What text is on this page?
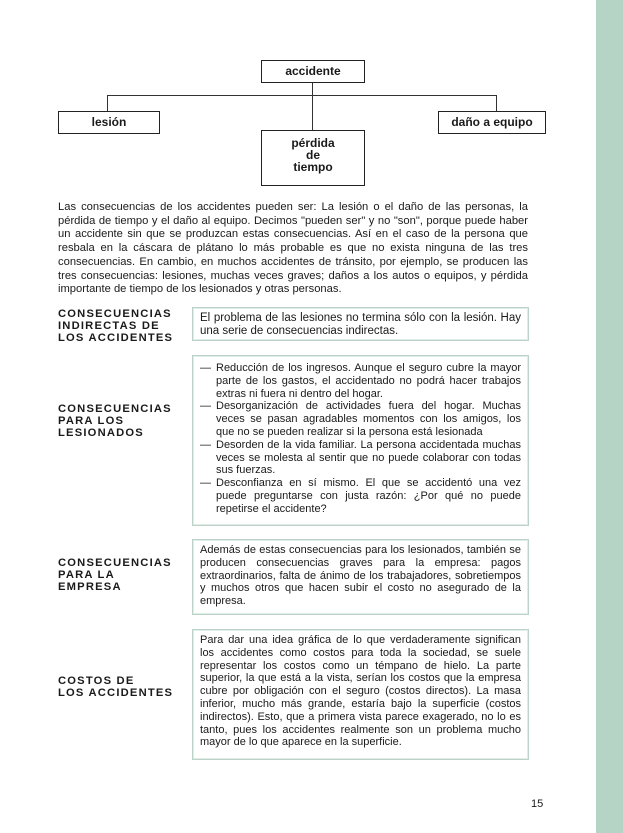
accidente
lesión	daño a equipo
pérdida
de
tiempo

Las consecuencias de los accidentes pueden ser: La lesión o el daño de las personas, la pérdida de tiempo y el daño al equipo. Decimos "pueden ser" y no "son", porque puede haber un accidente sin que se produzcan estas consecuencias. Así en el caso de la persona que resbala en la cáscara de plátano lo más probable es que no exista ninguna de las tres consecuencias. En cambio, en muchos accidentes de tránsito, por ejemplo, se producen las tres consecuencias: lesiones, muchas veces graves; daños a los autos o equipos, y pérdida importante de tiempo de los lesionados y otras personas.

CONSECUENCIAS
INDIRECTAS DE
LOS ACCIDENTES

El problema de las lesiones no termina sólo con la lesión. Hay una serie de consecuencias indirectas.

CONSECUENCIAS
PARA LOS
LESIONADOS
— Reducción de los ingresos. Aunque el seguro cubre la mayor parte de los gastos, el accidentado no podrá hacer trabajos extras ni fuera ni dentro del hogar.
— Desorganización de actividades fuera del hogar. Muchas veces se pasan agradables momentos con los amigos, los que no se pueden realizar si la persona está lesionada
— Desorden de la vida familiar. La persona accidentada muchas veces se molesta al sentir que no puede colaborar con todas sus fuerzas.
— Desconfianza en sí mismo. El que se accidentó una vez puede preguntarse con justa razón: ¿Por qué no puede repetirse el accidente?
CONSECUENCIAS
PARA LA
EMPRESA

Además de estas consecuencias para los lesionados, también se producen consecuencias graves para la empresa: pagos extraordinarios, falta de ánimo de los trabajadores, sobretiempos y muchos otros que hacen subir el costo no asegurado de la empresa.

COSTOS DE
LOS ACCIDENTES

Para dar una idea gráfica de lo que verdaderamente significan los accidentes como costos para toda la sociedad, se suele representar los costos como un témpano de hielo. La parte superior, la que está a la vista, serían los costos que la empresa cubre por obligación con el seguro (costos directos). La masa inferior, mucho más grande, estaría bajo la superficie (costos indirectos). Esto, que a primera vista parece exagerado, no lo es tanto, pues los accidentes realmente son un problema mucho mayor de lo que aparece en la superficie.

15
